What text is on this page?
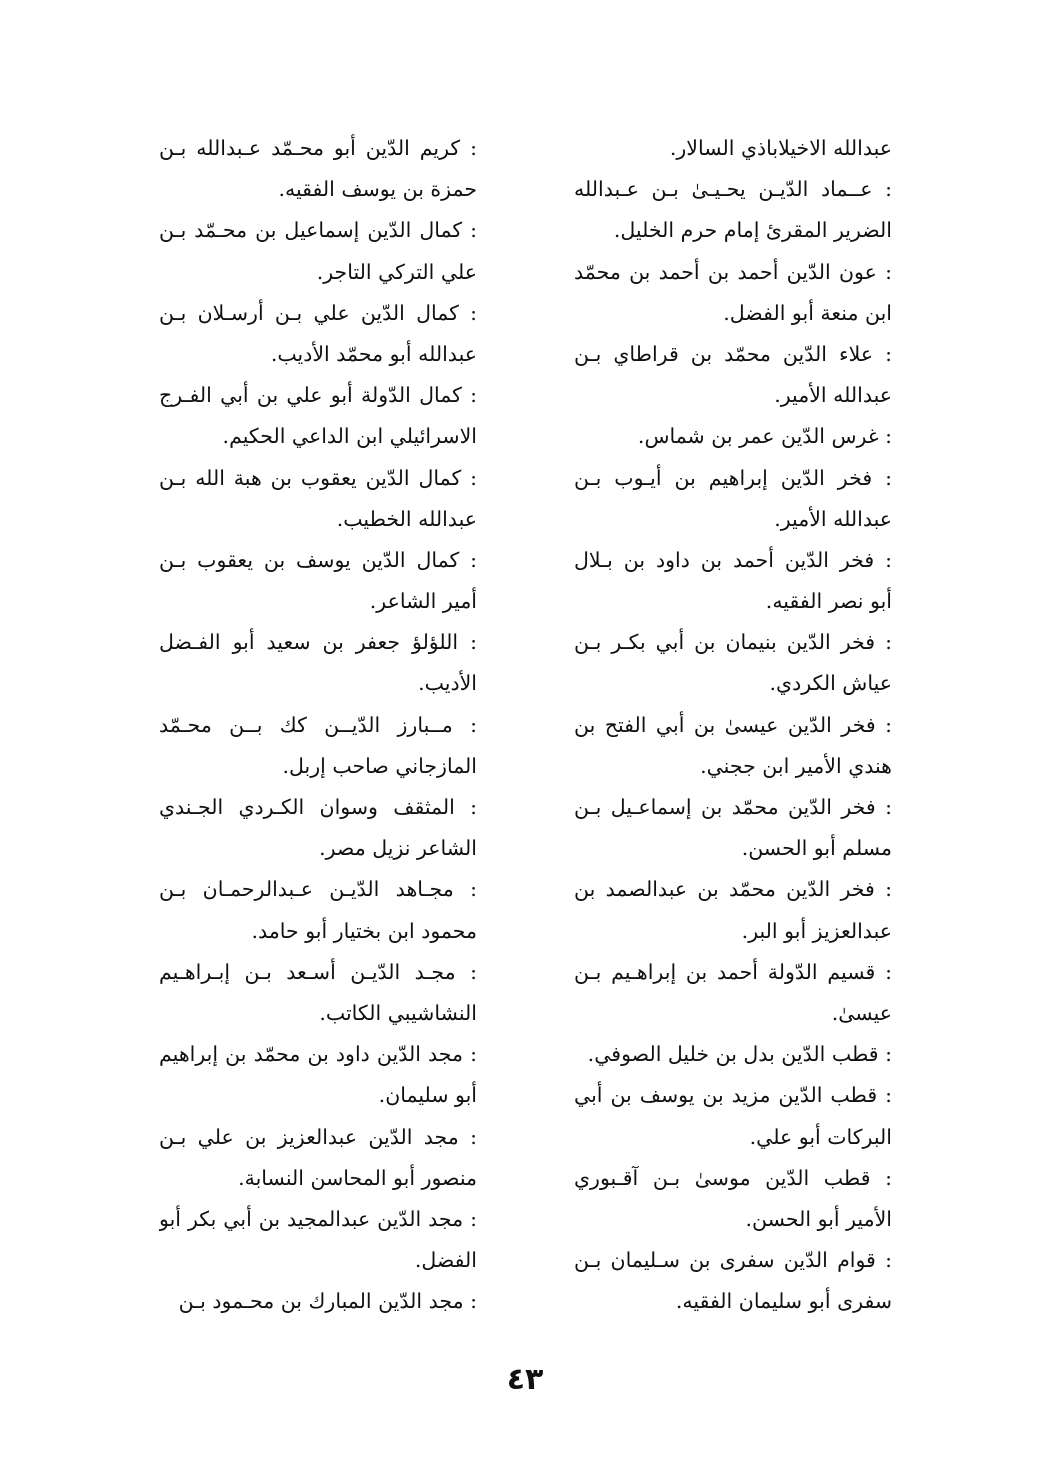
عبدالله الاخيلاباذي السالار.
: عــماد الدّيـن يحـيـىٰ بـن عـبدالله
الضرير المقرئ إمام حرم الخليل.
: عون الدّين أحمد بن أحمد بن محمّد
ابن منعة أبو الفضل.
: علاء الدّين محمّد بن قراطاي بـن
عبدالله الأمير.
: غرس الدّين عمر بن شماس.
: فخر الدّين إبراهيم بن أيـوب بـن
عبدالله الأمير.
: فخر الدّين أحمد بن داود بن بـلال
أبو نصر الفقيه.
: فخر الدّين بنيمان بن أبي بكـر بـن
عياش الكردي.
: فخر الدّين عيسىٰ بن أبي الفتح بن
هندي الأمير ابن ججني.
: فخر الدّين محمّد بن إسماعـيل بـن
مسلم أبو الحسن.
: فخر الدّين محمّد بن عبدالصمد بن
عبدالعزيز أبو البر.
: قسيم الدّولة أحمد بن إبراهـيم بـن
عيسىٰ.
: قطب الدّين بدل بن خليل الصوفي.
: قطب الدّين مزيد بن يوسف بن أبي
البركات أبو علي.
: قطب الدّين موسىٰ بـن آقـبوري
الأمير أبو الحسن.
: قوام الدّين سفرى بن سـليمان بـن
سفرى أبو سليمان الفقيه.
: كريم الدّين أبو محـمّد عـبدالله بـن
حمزة بن يوسف الفقيه.
: كمال الدّين إسماعيل بن محـمّد بـن
علي التركي التاجر.
: كمال الدّين علي بـن أرسـلان بـن
عبدالله أبو محمّد الأديب.
: كمال الدّولة أبو علي بن أبي الفـرج
الاسرائيلي ابن الداعي الحكيم.
: كمال الدّين يعقوب بن هبة الله بـن
عبدالله الخطيب.
: كمال الدّين يوسف بن يعقوب بـن
أمير الشاعر.
: اللؤلؤ جعفر بن سعيد أبو الفـضل
الأديب.
: مــبارز الدّيــن كك بــن محـمّد
المازجاني صاحب إربل.
: المثقف وسوان الكـردي الجـندي
الشاعر نزيل مصر.
: مجـاهد الدّيـن عـبدالرحمـان بـن
محمود ابن بختيار أبو حامد.
: مجـد الدّيـن أسـعد بـن إبـراهـيم
النشاشيبي الكاتب.
: مجد الدّين داود بن محمّد بن إبراهيم
أبو سليمان.
: مجد الدّين عبدالعزيز بن علي بـن
منصور أبو المحاسن النسابة.
: مجد الدّين عبدالمجيد بن أبي بكر أبو
الفضل.
: مجد الدّين المبارك بن محـمود بـن
٤٣
